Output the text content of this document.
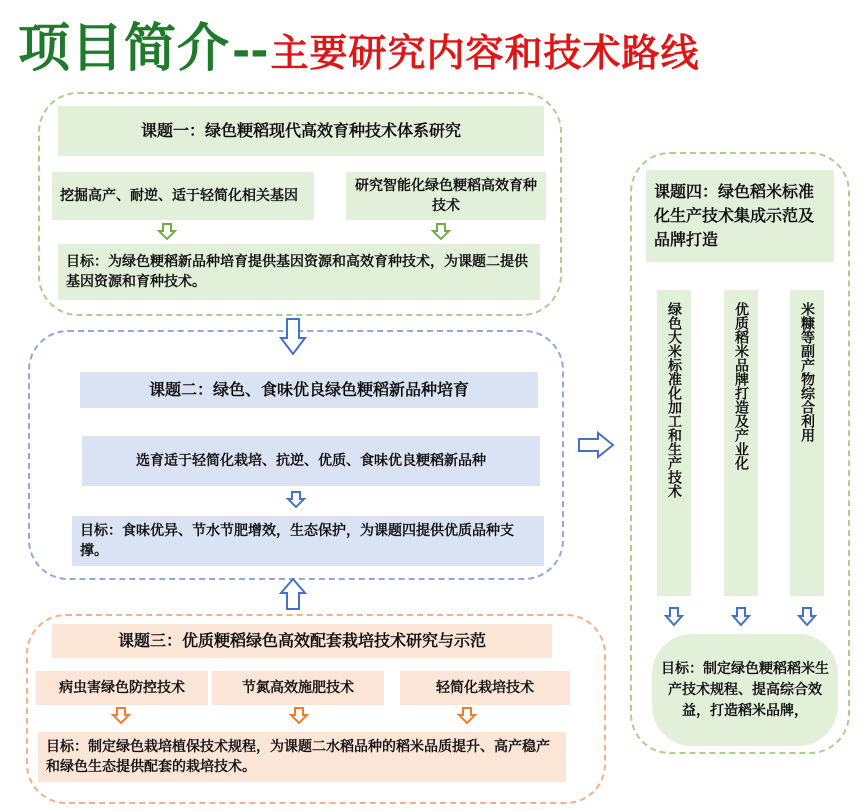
项目简介 -- 主要研究内容和技术路线
课题一：绿色粳稻现代高效育种技术体系研究
挖掘高产、耐逆、适于轻简化相关基因
研究智能化绿色粳稻高效育种技术
目标：为绿色粳稻新品种培育提供基因资源和高效育种技术，为课题二提供基因资源和育种技术。
课题二：绿色、食味优良绿色粳稻新品种培育
选育适于轻简化栽培、抗逆、优质、食味优良粳稻新品种
目标：食味优异、节水节肥增效，生态保护，为课题四提供优质品种支撑。
课题三：优质粳稻绿色高效配套栽培技术研究与示范
病虫害绿色防控技术	节氮高效施肥技术	轻简化栽培技术
目标：制定绿色栽培植保技术规程，为课题二水稻品种的稻米品质提升、高产稳产和绿色生态提供配套的栽培技术。
课题四：绿色稻米标准化生产技术集成示范及品牌打造
绿色大米标准化加工和生产技术	优质稻米品牌打造及产业化	米糠等副产物综合利用
目标：制定绿色粳稻稻米生产技术规程、提高综合效益，打造稻米品牌，
